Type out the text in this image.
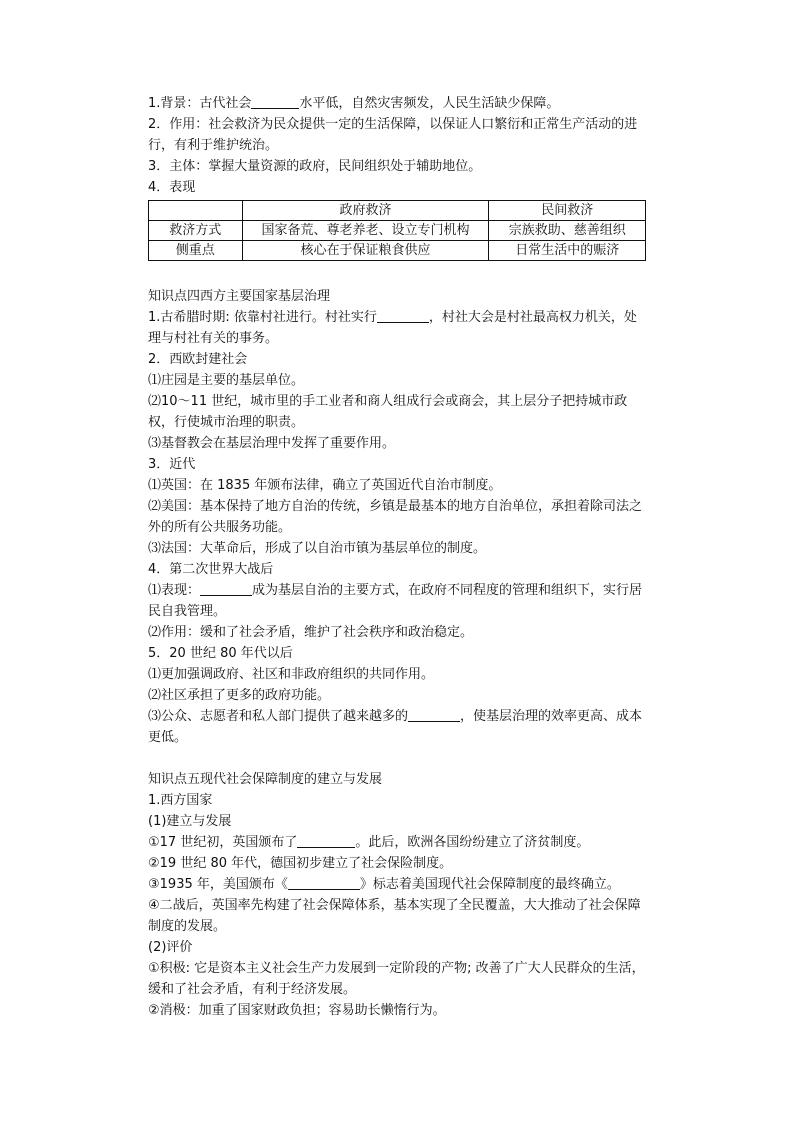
1.背景：古代社会	水平低，自然灾害频发，人民生活缺少保障。

2．作用：社会救济为民众提供一定的生活保障，以保证人口繁衍和正常生产活动的进行，有利于维护统治。

3．主体：掌握大量资源的政府，民间组织处于辅助地位。

4．表现

	政府救济	民间救济
救济方式	国家备荒、尊老养老、设立专门机构	宗族救助、慈善组织
侧重点	核心在于保证粮食供应	日常生活中的赈济

知识点四西方主要国家基层治理

1.古希腊时期: 依靠村社进行。村社实行	，村社大会是村社最高权力机关，处理与村社有关的事务。

2．西欧封建社会

⑴庄园是主要的基层单位。

⑵10～11 世纪，城市里的手工业者和商人组成行会或商会，其上层分子把持城市政权，行使城市治理的职责。

⑶基督教会在基层治理中发挥了重要作用。

3．近代

⑴英国：在 1835 年颁布法律，确立了英国近代自治市制度。

⑵美国：基本保持了地方自治的传统，乡镇是最基本的地方自治单位，承担着除司法之外的所有公共服务功能。

⑶法国：大革命后，形成了以自治市镇为基层单位的制度。

4．第二次世界大战后

⑴表现：	成为基层自治的主要方式，在政府不同程度的管理和组织下，实行居民自我管理。

⑵作用：缓和了社会矛盾，维护了社会秩序和政治稳定。

5．20 世纪 80 年代以后

⑴更加强调政府、社区和非政府组织的共同作用。

⑵社区承担了更多的政府功能。

⑶公众、志愿者和私人部门提供了越来越多的	，使基层治理的效率更高、成本更低。

知识点五现代社会保障制度的建立与发展

1.西方国家

(1)建立与发展

①17 世纪初，英国颁布了	。此后，欧洲各国纷纷建立了济贫制度。

②19 世纪 80 年代，德国初步建立了社会保险制度。

③1935 年，美国颁布《	》标志着美国现代社会保障制度的最终确立。

④二战后，英国率先构建了社会保障体系，基本实现了全民覆盖，大大推动了社会保障制度的发展。

(2)评价

①积极: 它是资本主义社会生产力发展到一定阶段的产物; 改善了广大人民群众的生活，缓和了社会矛盾，有利于经济发展。

②消极：加重了国家财政负担；容易助长懒惰行为。
